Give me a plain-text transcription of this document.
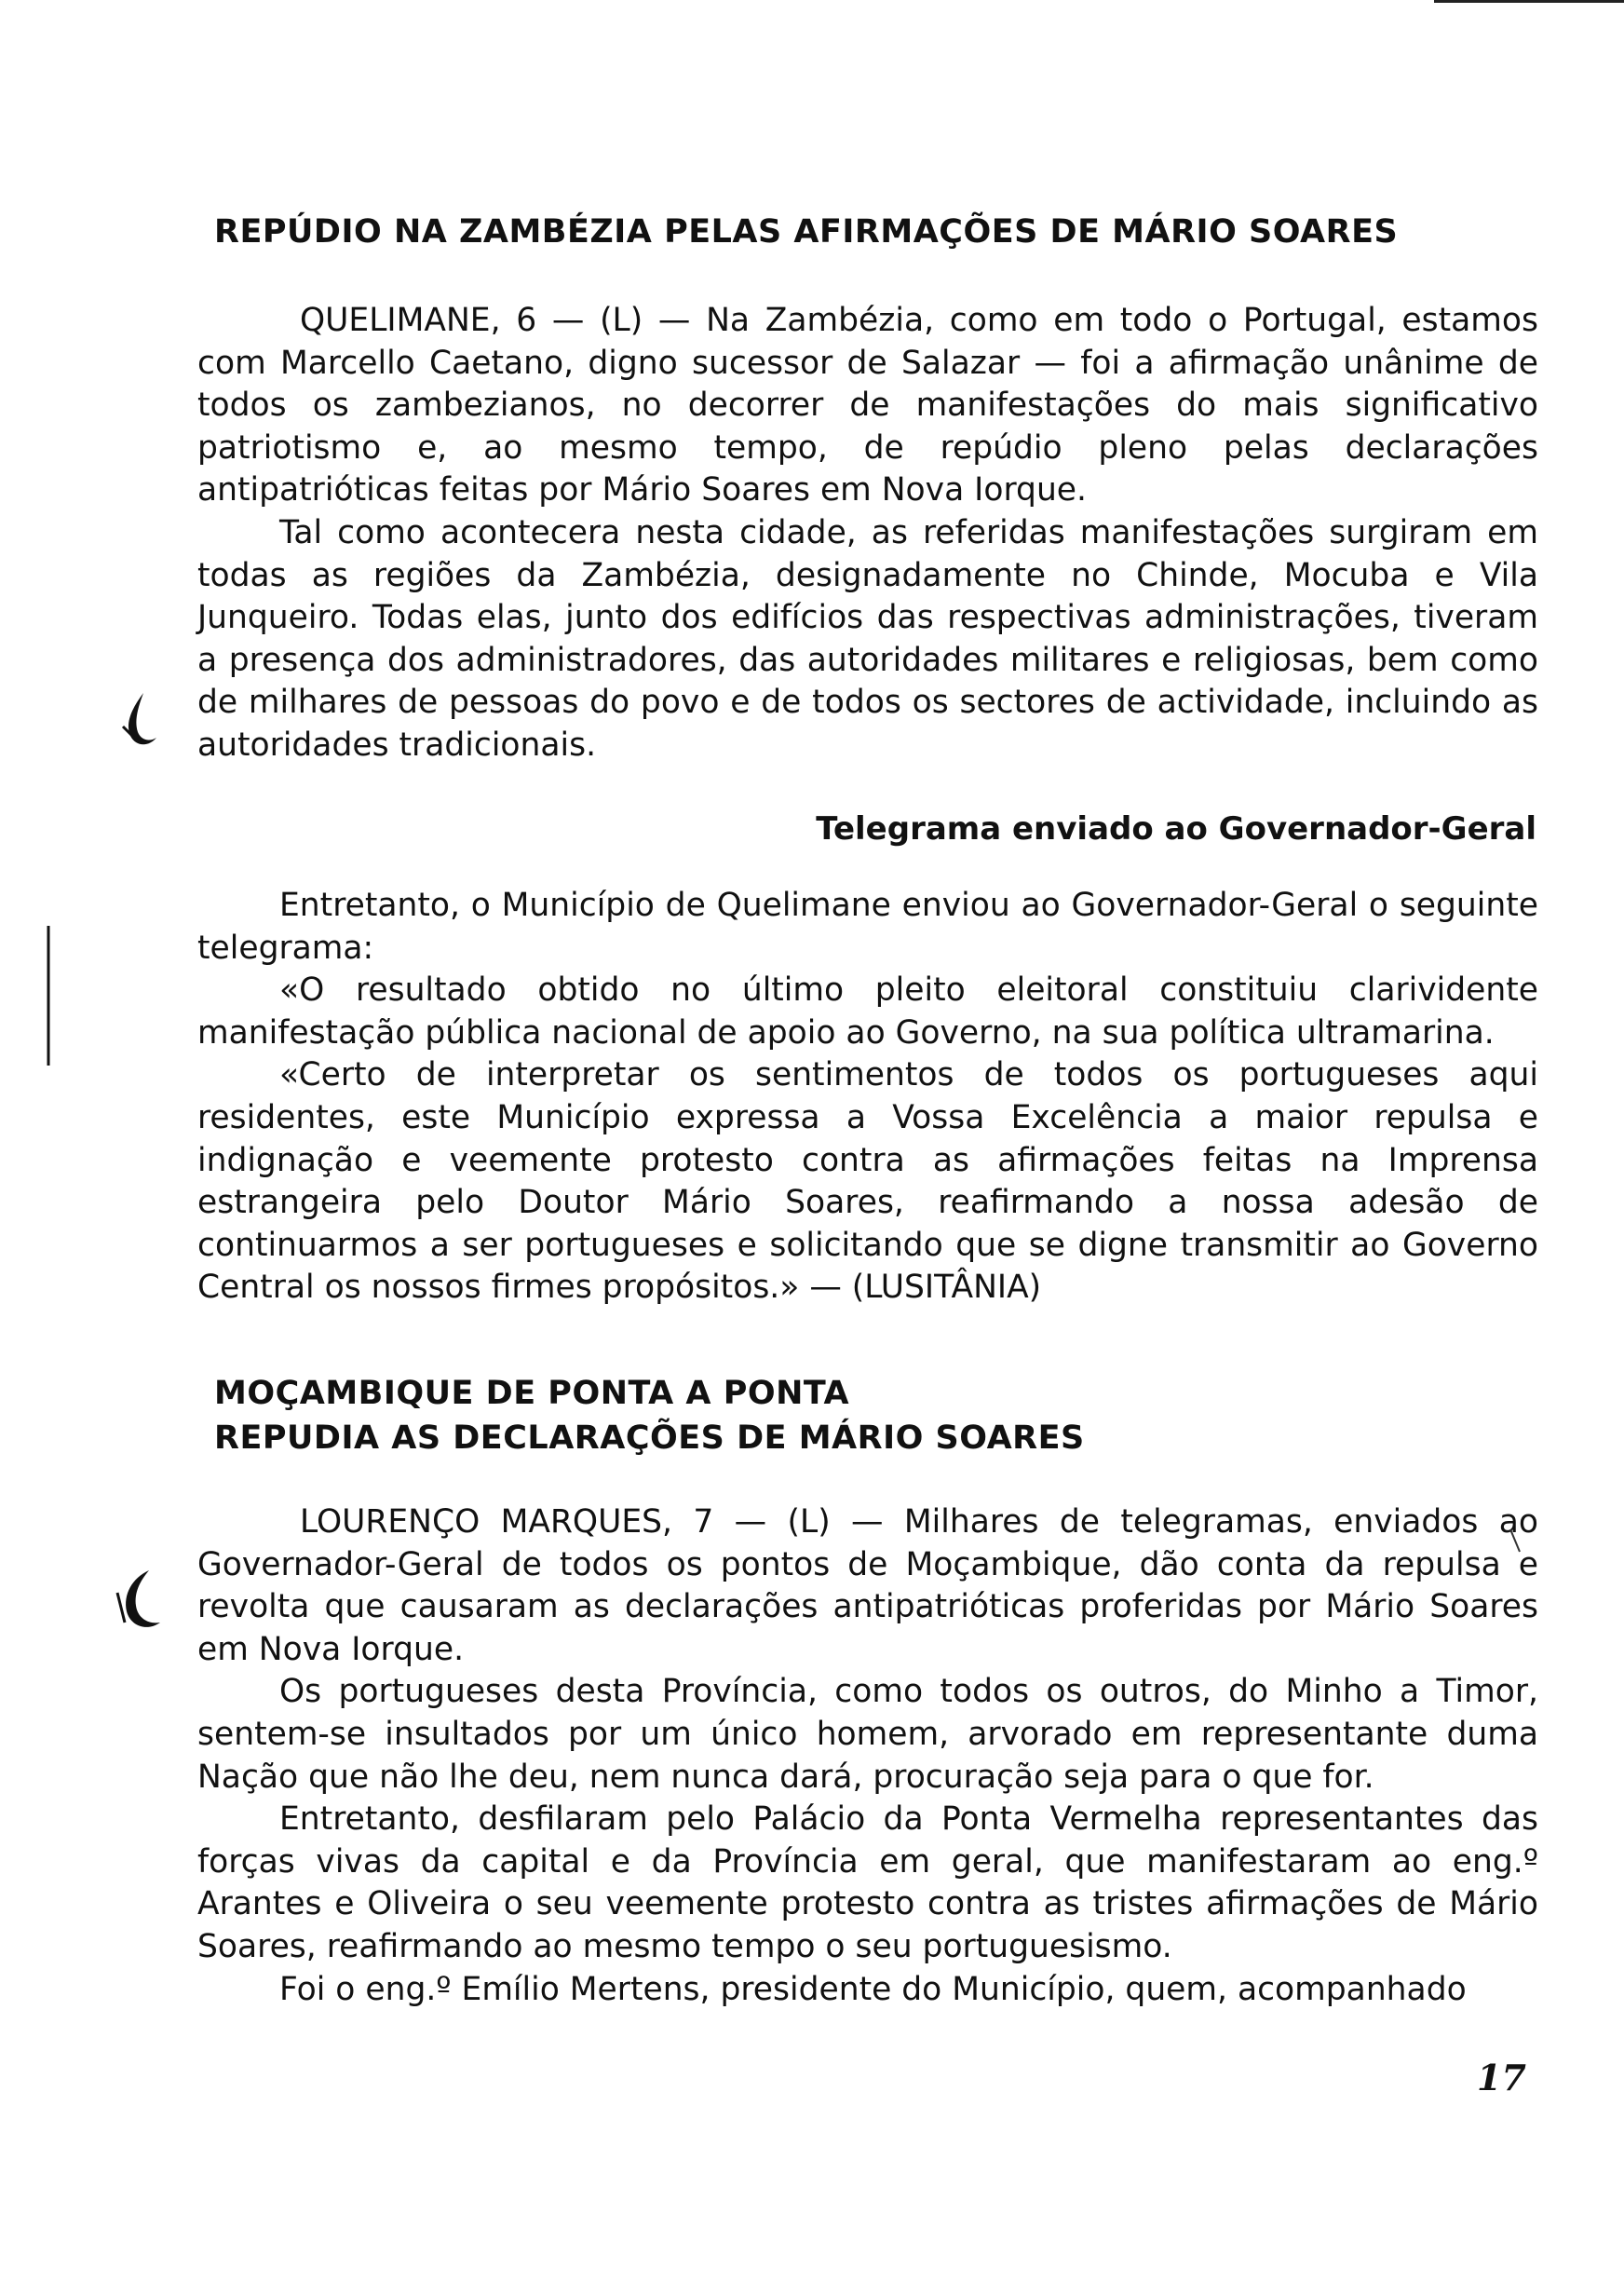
REPÚDIO NA ZAMBÉZIA PELAS AFIRMAÇÕES DE MÁRIO SOARES

QUELIMANE, 6 — (L) — Na Zambézia, como em todo o Portugal, estamos com Marcello Caetano, digno sucessor de Salazar — foi a afirmação unânime de todos os zambezianos, no decorrer de manifestações do mais significativo patriotismo e, ao mesmo tempo, de repúdio pleno pelas declarações antipatrióticas feitas por Mário Soares em Nova Iorque.

Tal como acontecera nesta cidade, as referidas manifestações surgiram em todas as regiões da Zambézia, designadamente no Chinde, Mocuba e Vila Junqueiro. Todas elas, junto dos edifícios das respectivas administrações, tiveram a presença dos administradores, das autoridades militares e religiosas, bem como de milhares de pessoas do povo e de todos os sectores de actividade, incluindo as autoridades tradicionais.

Telegrama enviado ao Governador-Geral

Entretanto, o Município de Quelimane enviou ao Governador-Geral o seguinte telegrama:

«O resultado obtido no último pleito eleitoral constituiu clarividente manifestação pública nacional de apoio ao Governo, na sua política ultramarina.

«Certo de interpretar os sentimentos de todos os portugueses aqui residentes, este Município expressa a Vossa Excelência a maior repulsa e indignação e veemente protesto contra as afirmações feitas na Imprensa estrangeira pelo Doutor Mário Soares, reafirmando a nossa adesão de continuarmos a ser portugueses e solicitando que se digne transmitir ao Governo Central os nossos firmes propósitos.» — (LUSITÂNIA)

MOÇAMBIQUE DE PONTA A PONTA
REPUDIA AS DECLARAÇÕES DE MÁRIO SOARES

LOURENÇO MARQUES, 7 — (L) — Milhares de telegramas, enviados ao Governador-Geral de todos os pontos de Moçambique, dão conta da repulsa e revolta que causaram as declarações antipatrióticas proferidas por Mário Soares em Nova Iorque.

Os portugueses desta Província, como todos os outros, do Minho a Timor, sentem-se insultados por um único homem, arvorado em representante duma Nação que não lhe deu, nem nunca dará, procuração seja para o que for.

Entretanto, desfilaram pelo Palácio da Ponta Vermelha representantes das forças vivas da capital e da Província em geral, que manifestaram ao eng.º Arantes e Oliveira o seu veemente protesto contra as tristes afirmações de Mário Soares, reafirmando ao mesmo tempo o seu portuguesismo.

Foi o eng.º Emílio Mertens, presidente do Município, quem, acompanhado

17
